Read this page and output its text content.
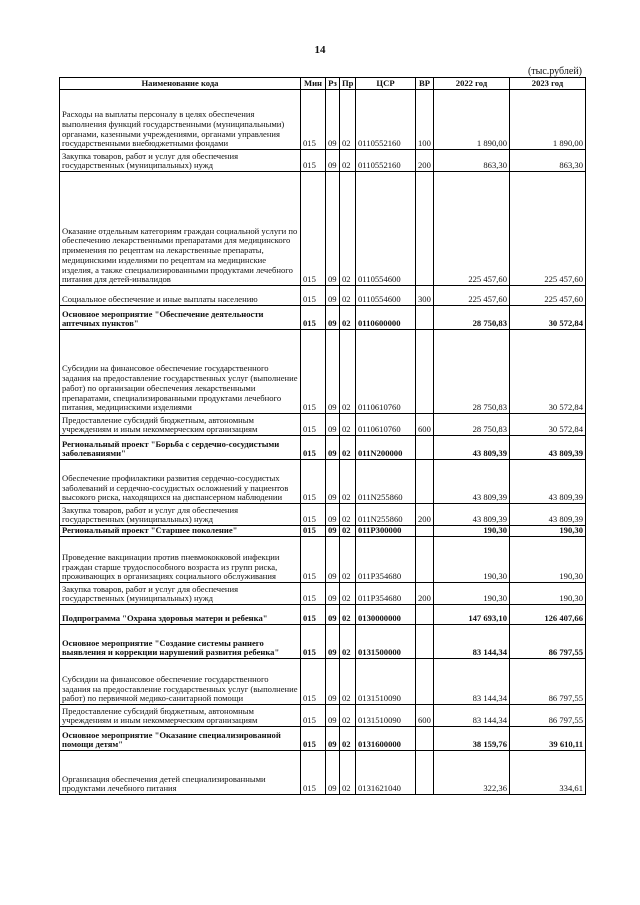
14
(тыс.рублей)
Наименование кода	Мин	Рз	Пр	ЦСР	ВР	2022 год	2023 год
Расходы на выплаты персоналу в целях обеспечения выполнения функций государственными (муниципальными) органами, казенными учреждениями, органами управления государственными внебюджетными фондами	015	09	02	0110552160	100	1 890,00	1 890,00
Закупка товаров, работ и услуг для обеспечения государственных (муниципальных) нужд	015	09	02	0110552160	200	863,30	863,30
Оказание отдельным категориям граждан социальной услуги по обеспечению лекарственными препаратами для медицинского применения по рецептам на лекарственные препараты, медицинскими изделиями по рецептам на медицинские изделия, а также специализированными продуктами лечебного питания для детей-инвалидов	015	09	02	0110554600		225 457,60	225 457,60
Социальное обеспечение и иные выплаты населению	015	09	02	0110554600	300	225 457,60	225 457,60
Основное мероприятие "Обеспечение деятельности аптечных пунктов"	015	09	02	0110600000		28 750,83	30 572,84
Субсидии на финансовое обеспечение государственного задания на предоставление государственных услуг (выполнение работ) по организации обеспечения лекарственными препаратами, специализированными продуктами лечебного питания, медицинскими изделиями	015	09	02	0110610760		28 750,83	30 572,84
Предоставление субсидий бюджетным, автономным учреждениям и иным некоммерческим организациям	015	09	02	0110610760	600	28 750,83	30 572,84
Региональный проект "Борьба с сердечно-сосудистыми заболеваниями"	015	09	02	011N200000		43 809,39	43 809,39
Обеспечение профилактики развития сердечно-сосудистых заболеваний и сердечно-сосудистых осложнений у пациентов высокого риска, находящихся на диспансерном наблюдении	015	09	02	011N255860		43 809,39	43 809,39
Закупка товаров, работ и услуг для обеспечения государственных (муниципальных) нужд	015	09	02	011N255860	200	43 809,39	43 809,39
Региональный проект "Старшее поколение"	015	09	02	011P300000		190,30	190,30
Проведение вакцинации против пневмококковой инфекции граждан старше трудоспособного возраста из групп риска, проживающих в организациях социального обслуживания	015	09	02	011P354680		190,30	190,30
Закупка товаров, работ и услуг для обеспечения государственных (муниципальных) нужд	015	09	02	011P354680	200	190,30	190,30
Подпрограмма "Охрана здоровья матери и ребенка"	015	09	02	0130000000		147 693,10	126 407,66
Основное мероприятие "Создание системы раннего выявления и коррекции нарушений развития ребенка"	015	09	02	0131500000		83 144,34	86 797,55
Субсидии на финансовое обеспечение государственного задания на предоставление государственных услуг (выполнение работ) по первичной медико-санитарной помощи	015	09	02	0131510090		83 144,34	86 797,55
Предоставление субсидий бюджетным, автономным учреждениям и иным некоммерческим организациям	015	09	02	0131510090	600	83 144,34	86 797,55
Основное мероприятие "Оказание специализированной помощи детям"	015	09	02	0131600000		38 159,76	39 610,11
Организация обеспечения детей специализированными продуктами лечебного питания	015	09	02	0131621040		322,36	334,61
